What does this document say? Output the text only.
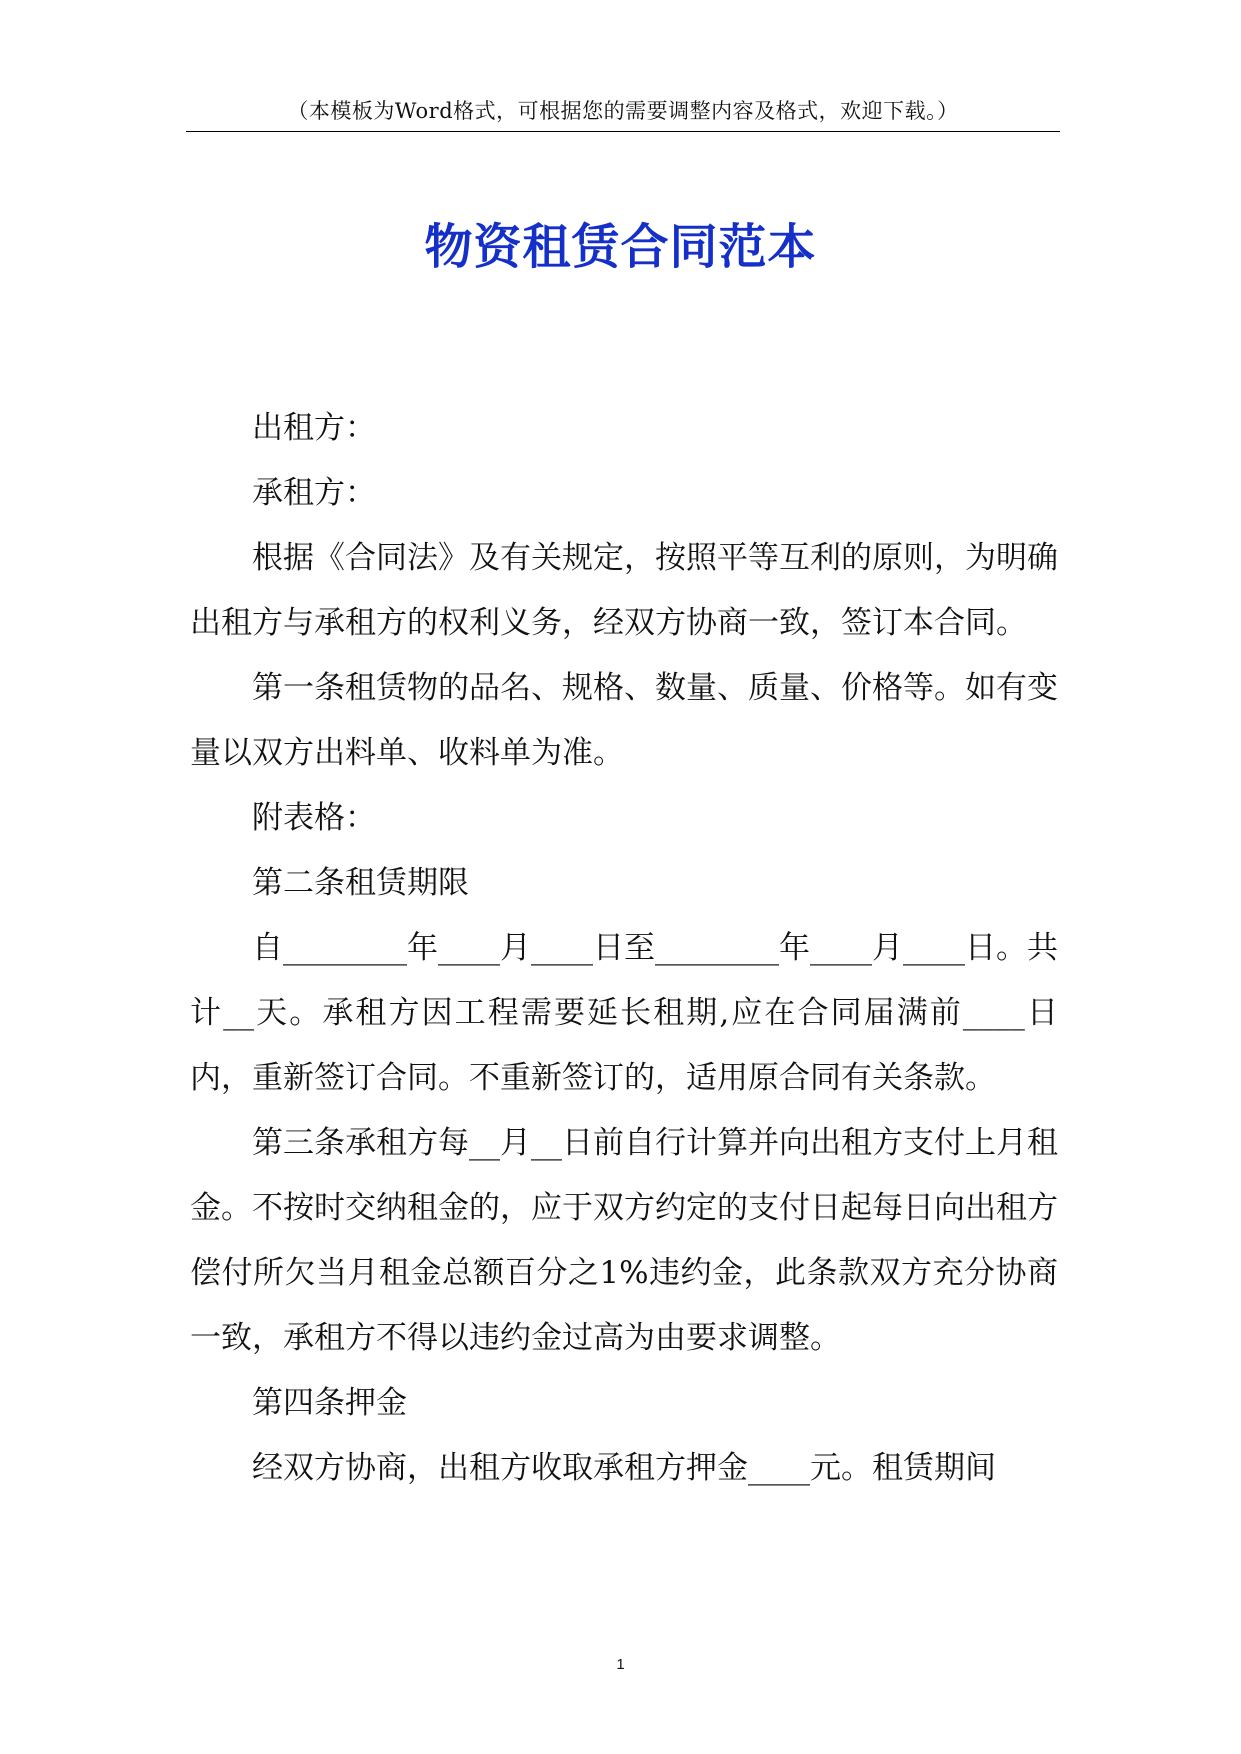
（本模板为Word格式，可根据您的需要调整内容及格式，欢迎下载。）
物资租赁合同范本

出租方：

承租方：

根据《合同法》及有关规定，按照平等互利的原则，为明确出租方与承租方的权利义务，经双方协商一致，签订本合同。

第一条租赁物的品名、规格、数量、质量、价格等。如有变量以双方出料单、收料单为准。

附表格：

第二条租赁期限

自________年____月____日至________年____月____日。共计__天。承租方因工程需要延长租期,应在合同届满前____日内，重新签订合同。不重新签订的，适用原合同有关条款。

第三条承租方每__月__日前自行计算并向出租方支付上月租金。不按时交纳租金的，应于双方约定的支付日起每日向出租方偿付所欠当月租金总额百分之1%违约金，此条款双方充分协商一致，承租方不得以违约金过高为由要求调整。

第四条押金

经双方协商，出租方收取承租方押金____元。租赁期间

1
